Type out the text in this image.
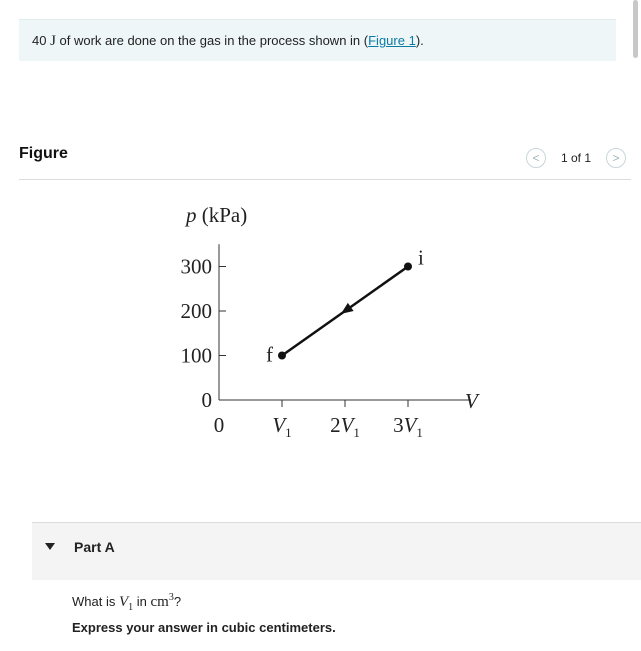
40 J of work are done on the gas in the process shown in (Figure 1).
Figure	<	1 of 1	>
p (kPa)
V
0
100
200
300
0 $V_1$ $2V_1$ $3V_1$
i
f
Part A
What is $V_1$ in $cm^3$?
Express your answer in cubic centimeters.
